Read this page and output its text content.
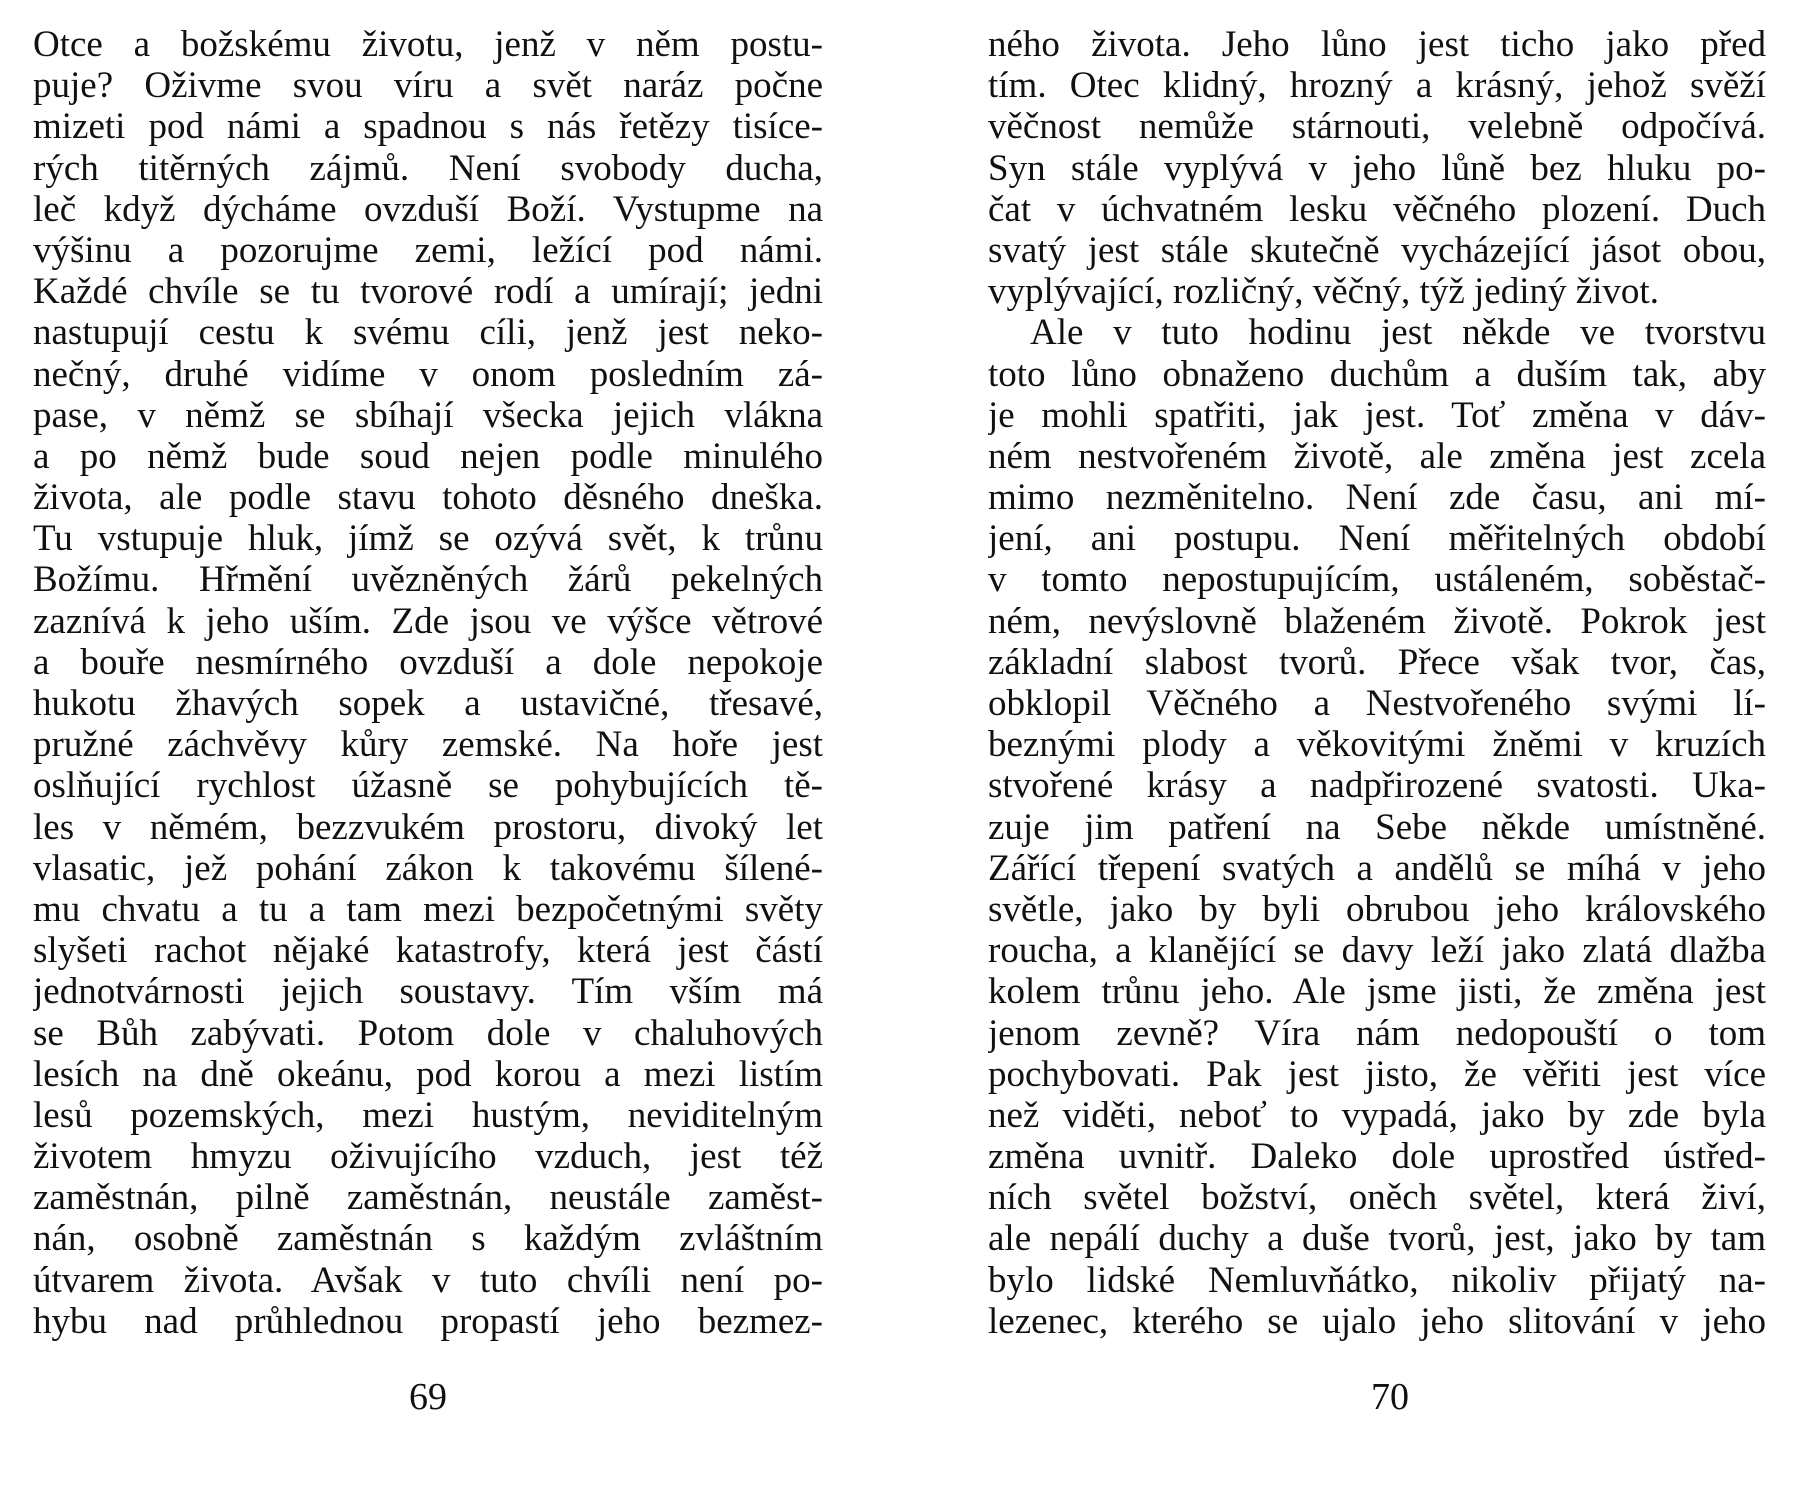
Otce a božskému životu, jenž v něm postu-
puje? Oživme svou víru a svět naráz počne
mizeti pod námi a spadnou s nás řetězy tisíce-
rých titěrných zájmů. Není svobody ducha,
leč když dýcháme ovzduší Boží. Vystupme na
výšinu a pozorujme zemi, ležící pod námi.
Každé chvíle se tu tvorové rodí a umírají; jedni
nastupují cestu k svému cíli, jenž jest neko-
nečný, druhé vidíme v onom posledním zá-
pase, v němž se sbíhají všecka jejich vlákna
a po němž bude soud nejen podle minulého
života, ale podle stavu tohoto děsného dneška.
Tu vstupuje hluk, jímž se ozývá svět, k trůnu
Božímu. Hřmění uvězněných žárů pekelných
zaznívá k jeho uším. Zde jsou ve výšce větrové
a bouře nesmírného ovzduší a dole nepokoje
hukotu žhavých sopek a ustavičné, třesavé,
pružné záchvěvy kůry zemské. Na hoře jest
oslňující rychlost úžasně se pohybujících tě-
les v němém, bezzvukém prostoru, divoký let
vlasatic, jež pohání zákon k takovému šílené-
mu chvatu a tu a tam mezi bezpočetnými světy
slyšeti rachot nějaké katastrofy, která jest částí
jednotvárnosti jejich soustavy. Tím vším má
se Bůh zabývati. Potom dole v chaluhových
lesích na dně okeánu, pod korou a mezi listím
lesů pozemských, mezi hustým, neviditelným
životem hmyzu oživujícího vzduch, jest též
zaměstnán, pilně zaměstnán, neustále zaměst-
nán, osobně zaměstnán s každým zvláštním
útvarem života. Avšak v tuto chvíli není po-
hybu nad průhlednou propastí jeho bezmez-
69
ného života. Jeho lůno jest ticho jako před
tím. Otec klidný, hrozný a krásný, jehož svěží
věčnost nemůže stárnouti, velebně odpočívá.
Syn stále vyplývá v jeho lůně bez hluku po-
čat v úchvatném lesku věčného plození. Duch
svatý jest stále skutečně vycházející jásot obou,
vyplývající, rozličný, věčný, týž jediný život.
Ale v tuto hodinu jest někde ve tvorstvu
toto lůno obnaženo duchům a duším tak, aby
je mohli spatřiti, jak jest. Toť změna v dáv-
ném nestvořeném životě, ale změna jest zcela
mimo nezměnitelno. Není zde času, ani mí-
jení, ani postupu. Není měřitelných období
v tomto nepostupujícím, ustáleném, soběstač-
ném, nevýslovně blaženém životě. Pokrok jest
základní slabost tvorů. Přece však tvor, čas,
obklopil Věčného a Nestvořeného svými lí-
beznými plody a věkovitými žněmi v kruzích
stvořené krásy a nadpřirozené svatosti. Uka-
zuje jim patření na Sebe někde umístněné.
Zářící třepení svatých a andělů se míhá v jeho
světle, jako by byli obrubou jeho královského
roucha, a klanějící se davy leží jako zlatá dlažba
kolem trůnu jeho. Ale jsme jisti, že změna jest
jenom zevně? Víra nám nedopouští o tom
pochybovati. Pak jest jisto, že věřiti jest více
než viděti, neboť to vypadá, jako by zde byla
změna uvnitř. Daleko dole uprostřed ústřed-
ních světel božství, oněch světel, která živí,
ale nepálí duchy a duše tvorů, jest, jako by tam
bylo lidské Nemluvňátko, nikoliv přijatý na-
lezenec, kterého se ujalo jeho slitování v jeho
70
